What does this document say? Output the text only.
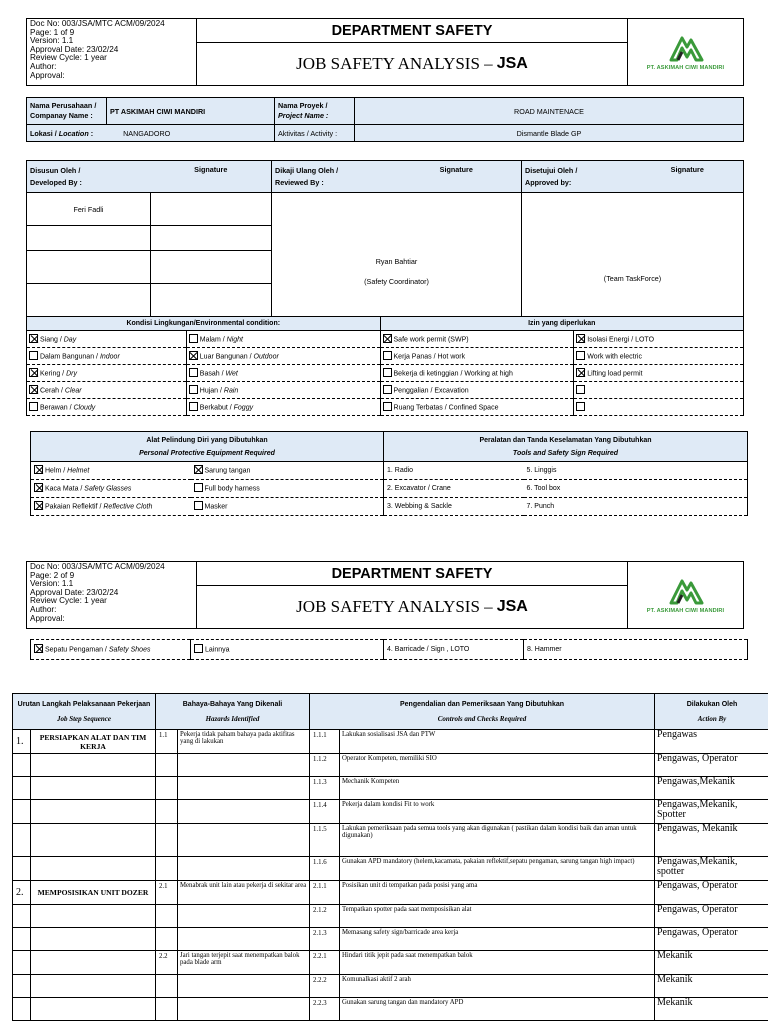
Doc No: 003/JSA/MTC ACM/09/2024
Page: 1 of 9
Version: 1.1
Approval Date: 23/02/24
Review Cycle: 1 year
Author:
Approval:
DEPARTMENT SAFETY
JOB SAFETY ANALYSIS – JSA	PT. ASKIMAH CIWI MANDIRI
Nama Perusahaan /
Companay Name :	PT ASKIMAH CIWI MANDIRI	Nama Proyek /
Project Name :	ROAD MAINTENACE
Lokasi / Location : NANGADORO		Aktivitas / Activity :	Dismantle Blade GP
Disusun Oleh /
Developed By :	Signature	Dikaji Ulang Oleh /
Reviewed By :	Signature	Disetujui Oleh /
Approved by:	Signature
Feri Fadli		Ryan Bahtiar
(Safety Coordinator)		(Team TaskForce)	

Kondisi Lingkungan/Environmental condition:		Izin yang diperlukan	
Siang / Day	Malam / Night	Safe work permit (SWP)	Isolasi Energi / LOTO
Dalam Bangunan / Indoor	Luar Bangunan / Outdoor	Kerja Panas / Hot work	Work with electric
Kering / Dry	Basah / Wet	Bekerja di ketinggian / Working at high	Lifting load permit
Cerah / Clear	Hujan / Rain	Penggalian / Excavation	
Berawan / Cloudy	Berkabut / Foggy	Ruang Terbatas / Confined Space	
Alat Pelindung Diri yang Dibutuhkan
Personal Protective Equipment Required		Peralatan dan Tanda Keselamatan Yang Dibutuhkan
Tools and Safety Sign Required	
Helm / Helmet	Sarung tangan	1. Radio	5. Linggis
Kaca Mata / Safety Glasses	Full body harness	2. Excavator / Crane	6. Tool box
Pakaian Reflektif / Reflective Cloth	Masker	3. Webbing & Sackle	7. Punch
Doc No: 003/JSA/MTC ACM/09/2024
Page: 2 of 9
Version: 1.1
Approval Date: 23/02/24
Review Cycle: 1 year
Author:
Approval:
DEPARTMENT SAFETY
JOB SAFETY ANALYSIS – JSA	PT. ASKIMAH CIWI MANDIRI
Sepatu Pengaman / Safety Shoes	Lainnya	4. Barricade / Sign , LOTO	8. Hammer
Urutan Langkah Pelaksanaan Pekerjaan
Job Step Sequence		Bahaya-Bahaya Yang Dikenali
Hazards Identified		Pengendalian dan Pemeriksaan Yang Dibutuhkan
Controls and Checks Required		Dilakukan Oleh
Action By
1.	PERSIAPKAN ALAT DAN TIM KERJA	1.1	Pekerja tidak paham bahaya pada aktifitas yang di lakukan	1.1.1	Lakukan sosialisasi JSA dan PTW	Pengawas
				1.1.2	Operator Kompeten, memiliki SIO	Pengawas, Operator
				1.1.3	Mechanik Kompeten	Pengawas,Mekanik
				1.1.4	Pekerja dalam kondisi Fit to work	Pengawas,Mekanik, Spotter
				1.1.5	Lakukan pemeriksaan pada semua tools yang akan digunakan ( pastikan dalam kondisi baik dan aman untuk digunakan)	Pengawas, Mekanik
				1.1.6	Gunakan APD mandatory (helem,kacamata, pakaian reflektif,sepatu pengaman, sarung tangan high impact)	Pengawas,Mekanik, spotter
2.	MEMPOSISIKAN UNIT DOZER	2.1	Menabrak unit lain atau pekerja di sekitar area	2.1.1	Posisikan unit di tempatkan pada posisi yang ama	Pengawas, Operator
				2.1.2	Tempatkan spotter pada saat memposisikan alat	Pengawas, Operator
				2.1.3	Memasang safety sign/barricade area kerja	Pengawas, Operator
		2.2	Jari tangan terjepit saat menempatkan balok pada blade arm	2.2.1	Hindari titik jepit pada saat menempatkan balok	Mekanik
				2.2.2	Komunalkasi aktif 2 arah	Mekanik
				2.2.3	Gunakan sarung tangan dan mandatory APD	Mekanik
